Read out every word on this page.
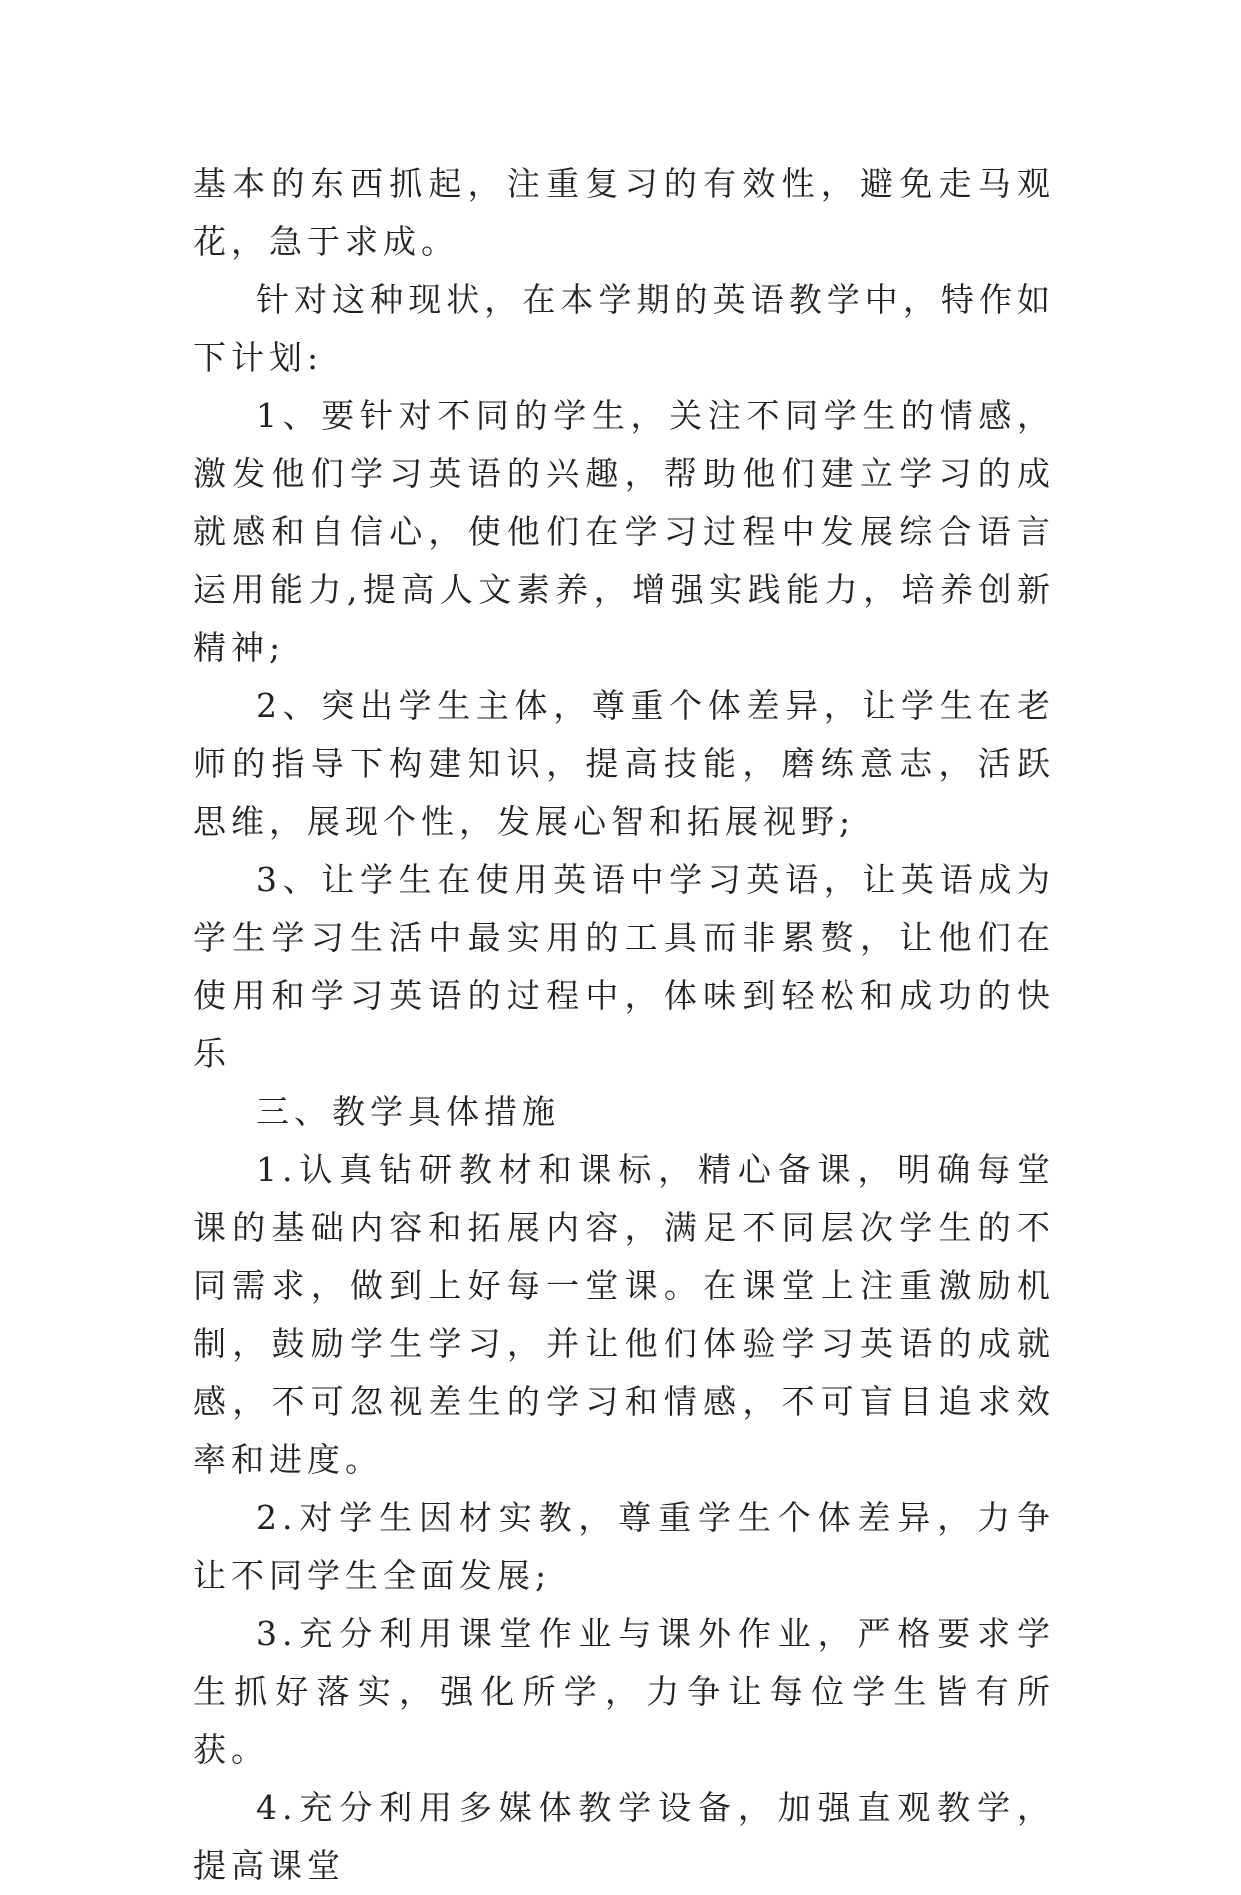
基本的东西抓起，注重复习的有效性，避免走马观花，急于求成。

针对这种现状，在本学期的英语教学中，特作如下计划:

1、要针对不同的学生，关注不同学生的情感，激发他们学习英语的兴趣，帮助他们建立学习的成就感和自信心，使他们在学习过程中发展综合语言运用能力,提高人文素养，增强实践能力，培养创新精神;

2、突出学生主体，尊重个体差异，让学生在老师的指导下构建知识，提高技能，磨练意志，活跃思维，展现个性，发展心智和拓展视野;

3、让学生在使用英语中学习英语，让英语成为学生学习生活中最实用的工具而非累赘，让他们在使用和学习英语的过程中，体味到轻松和成功的快乐

三、教学具体措施

1.认真钻研教材和课标，精心备课，明确每堂课的基础内容和拓展内容，满足不同层次学生的不同需求，做到上好每一堂课。在课堂上注重激励机制，鼓励学生学习，并让他们体验学习英语的成就感，不可忽视差生的学习和情感，不可盲目追求效率和进度。

2.对学生因材实教，尊重学生个体差异，力争让不同学生全面发展;

3.充分利用课堂作业与课外作业，严格要求学生抓好落实，强化所学，力争让每位学生皆有所获。

4.充分利用多媒体教学设备，加强直观教学，提高课堂
